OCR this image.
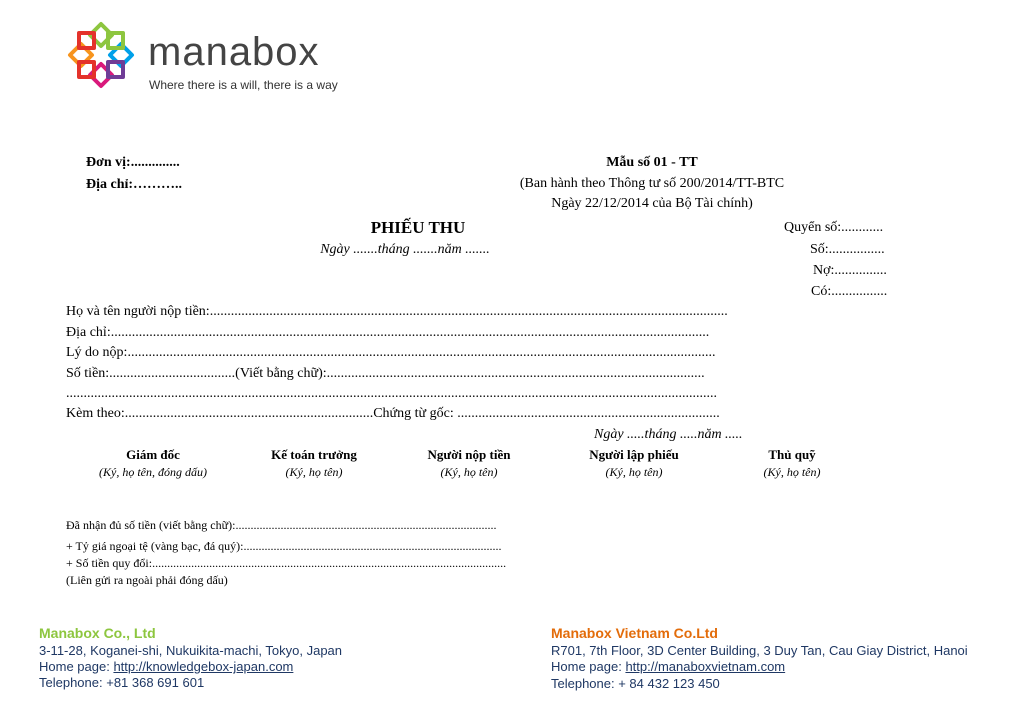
manabox
Where there is a will, there is a way
Đơn vị:..............
Địa chỉ:………..
Mẫu số 01 - TT
(Ban hành theo Thông tư số 200/2014/TT-BTC
Ngày 22/12/2014 của Bộ Tài chính)
PHIẾU THU
Ngày .......tháng .......năm .......
Quyển số:............
Số:................
Nợ:...............
Có:................
Họ và tên người nộp tiền:....................................................................................................................................................
Địa chỉ:...........................................................................................................................................................................
Lý do nộp:........................................................................................................................................................................
Số tiền:....................................(Viết bằng chữ):............................................................................................................
..........................................................................................................................................................................................
Kèm theo:.......................................................................Chứng từ gốc: ...........................................................................
Ngày .....tháng .....năm .....
Giám đốc
(Ký, họ tên, đóng dấu)
Kế toán trưởng
(Ký, họ tên)
Người nộp tiền
(Ký, họ tên)
Người lập phiếu
(Ký, họ tên)
Thủ quỹ
(Ký, họ tên)
Đã nhận đủ số tiền (viết bằng chữ):.......................................................................................
+ Tỷ giá ngoại tệ (vàng bạc, đá quý):......................................................................................
+ Số tiền quy đổi:......................................................................................................................
(Liên gửi ra ngoài phải đóng dấu)
Manabox Co., Ltd
3-11-28, Koganei-shi, Nukuikita-machi, Tokyo, Japan
Home page: http://knowledgebox-japan.com
Telephone: +81 368 691 601
Manabox Vietnam Co.Ltd
R701, 7th Floor, 3D Center Building, 3 Duy Tan, Cau Giay District, Hanoi
Home page: http://manaboxvietnam.com
Telephone: + 84 432 123 450
